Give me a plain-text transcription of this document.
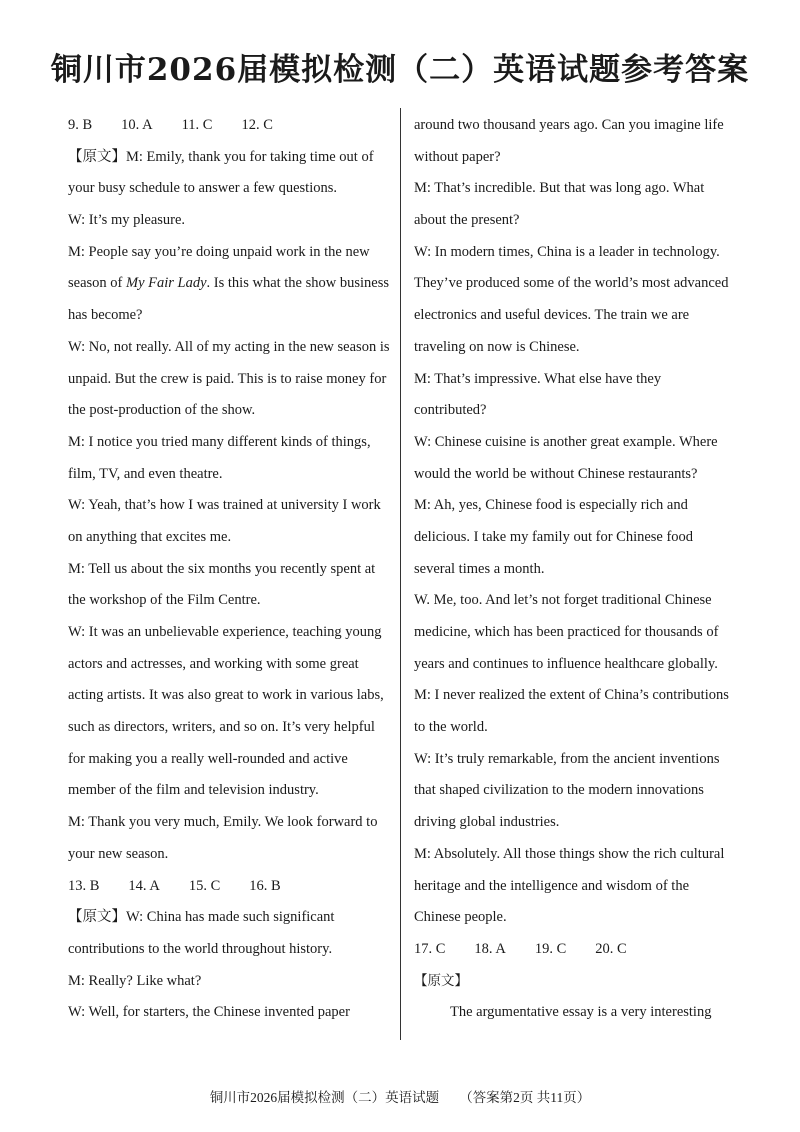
铜川市2026届模拟检测（二）英语试题参考答案
9. B 10. A 11. C 12. C
【原文】M: Emily, thank you for taking time out of
your busy schedule to answer a few questions.
W: It’s my pleasure.
M: People say you’re doing unpaid work in the new
season of My Fair Lady. Is this what the show business
has become?
W: No, not really. All of my acting in the new season is
unpaid. But the crew is paid. This is to raise money for
the post-production of the show.
M: I notice you tried many different kinds of things,
film, TV, and even theatre.
W: Yeah, that’s how I was trained at university I work
on anything that excites me.
M: Tell us about the six months you recently spent at
the workshop of the Film Centre.
W: It was an unbelievable experience, teaching young
actors and actresses, and working with some great
acting artists. It was also great to work in various labs,
such as directors, writers, and so on. It’s very helpful
for making you a really well-rounded and active
member of the film and television industry.
M: Thank you very much, Emily. We look forward to
your new season.
13. B 14. A 15. C 16. B
【原文】W: China has made such significant
contributions to the world throughout history.
M: Really? Like what?
W: Well, for starters, the Chinese invented paper
around two thousand years ago. Can you imagine life
without paper?
M: That’s incredible. But that was long ago. What
about the present?
W: In modern times, China is a leader in technology.
They’ve produced some of the world’s most advanced
electronics and useful devices. The train we are
traveling on now is Chinese.
M: That’s impressive. What else have they
contributed?
W: Chinese cuisine is another great example. Where
would the world be without Chinese restaurants?
M: Ah, yes, Chinese food is especially rich and
delicious. I take my family out for Chinese food
several times a month.
W. Me, too. And let’s not forget traditional Chinese
medicine, which has been practiced for thousands of
years and continues to influence healthcare globally.
M: I never realized the extent of China’s contributions
to the world.
W: It’s truly remarkable, from the ancient inventions
that shaped civilization to the modern innovations
driving global industries.
M: Absolutely. All those things show the rich cultural
heritage and the intelligence and wisdom of the
Chinese people.
17. C 18. A 19. C 20. C
【原文】
The argumentative essay is a very interesting
铜川市2026届模拟检测（二）英语试题 （答案第2页 共11页）
